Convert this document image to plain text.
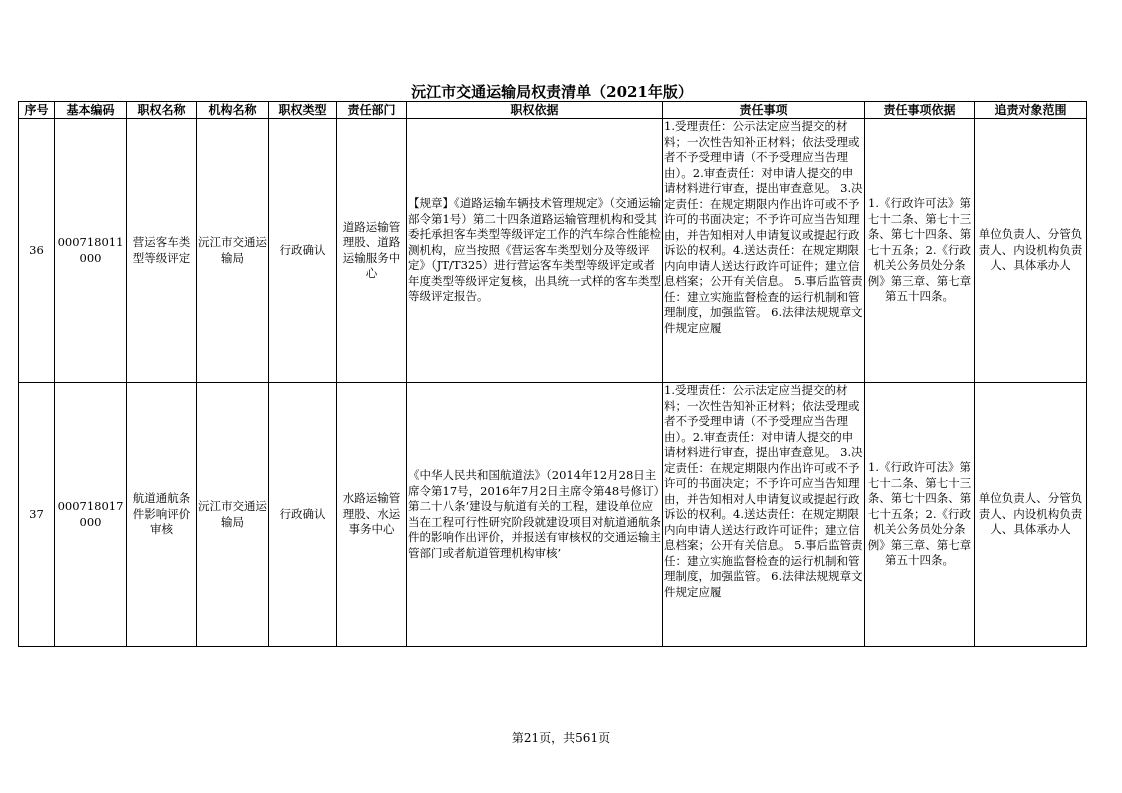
沅江市交通运输局权责清单（2021年版）
序号	基本编码	职权名称	机构名称	职权类型	责任部门	职权依据	责任事项	责任事项依据	追责对象范围
36	000718011000	营运客车类型等级评定	沅江市交通运输局	行政确认	道路运输管理股、道路运输服务中心	【规章】《道路运输车辆技术管理规定》（交通运输部令第1号）第二十四条道路运输管理机构和受其委托承担客车类型等级评定工作的汽车综合性能检测机构，应当按照《营运客车类型划分及等级评定》（JT/T325）进行营运客车类型等级评定或者年度类型等级评定复核，出具统一式样的客车类型等级评定报告。	1.受理责任：公示法定应当提交的材料；一次性告知补正材料；依法受理或者不予受理申请（不予受理应当告理由）。2.审查责任：对申请人提交的申请材料进行审查，提出审查意见。 3.决定责任：在规定期限内作出许可或不予许可的书面决定；不予许可应当告知理由，并告知相对人申请复议或提起行政诉讼的权利。4.送达责任：在规定期限内向申请人送达行政许可证件；建立信息档案；公开有关信息。 5.事后监管责任：建立实施监督检查的运行机制和管理制度，加强监管。 6.法律法规规章文件规定应履	1.《行政许可法》第七十二条、第七十三条、第七十四条、第七十五条；2.《行政机关公务员处分条例》第三章、第七章第五十四条。	单位负责人、分管负责人、内设机构负责人、具体承办人
37	000718017000	航道通航条件影响评价审核	沅江市交通运输局	行政确认	水路运输管理股、水运事务中心	《中华人民共和国航道法》（2014年12月28日主席令第17号，2016年7月2日主席令第48号修订）第二十八条‘建设与航道有关的工程，建设单位应当在工程可行性研究阶段就建设项目对航道通航条件的影响作出评价，并报送有审核权的交通运输主管部门或者航道管理机构审核’	1.受理责任：公示法定应当提交的材料；一次性告知补正材料；依法受理或者不予受理申请（不予受理应当告理由）。2.审查责任：对申请人提交的申请材料进行审查，提出审查意见。 3.决定责任：在规定期限内作出许可或不予许可的书面决定；不予许可应当告知理由，并告知相对人申请复议或提起行政诉讼的权利。4.送达责任：在规定期限内向申请人送达行政许可证件；建立信息档案；公开有关信息。 5.事后监管责任：建立实施监督检查的运行机制和管理制度，加强监管。 6.法律法规规章文件规定应履	1.《行政许可法》第七十二条、第七十三条、第七十四条、第七十五条；2.《行政机关公务员处分条例》第三章、第七章第五十四条。	单位负责人、分管负责人、内设机构负责人、具体承办人
第21页，共561页
